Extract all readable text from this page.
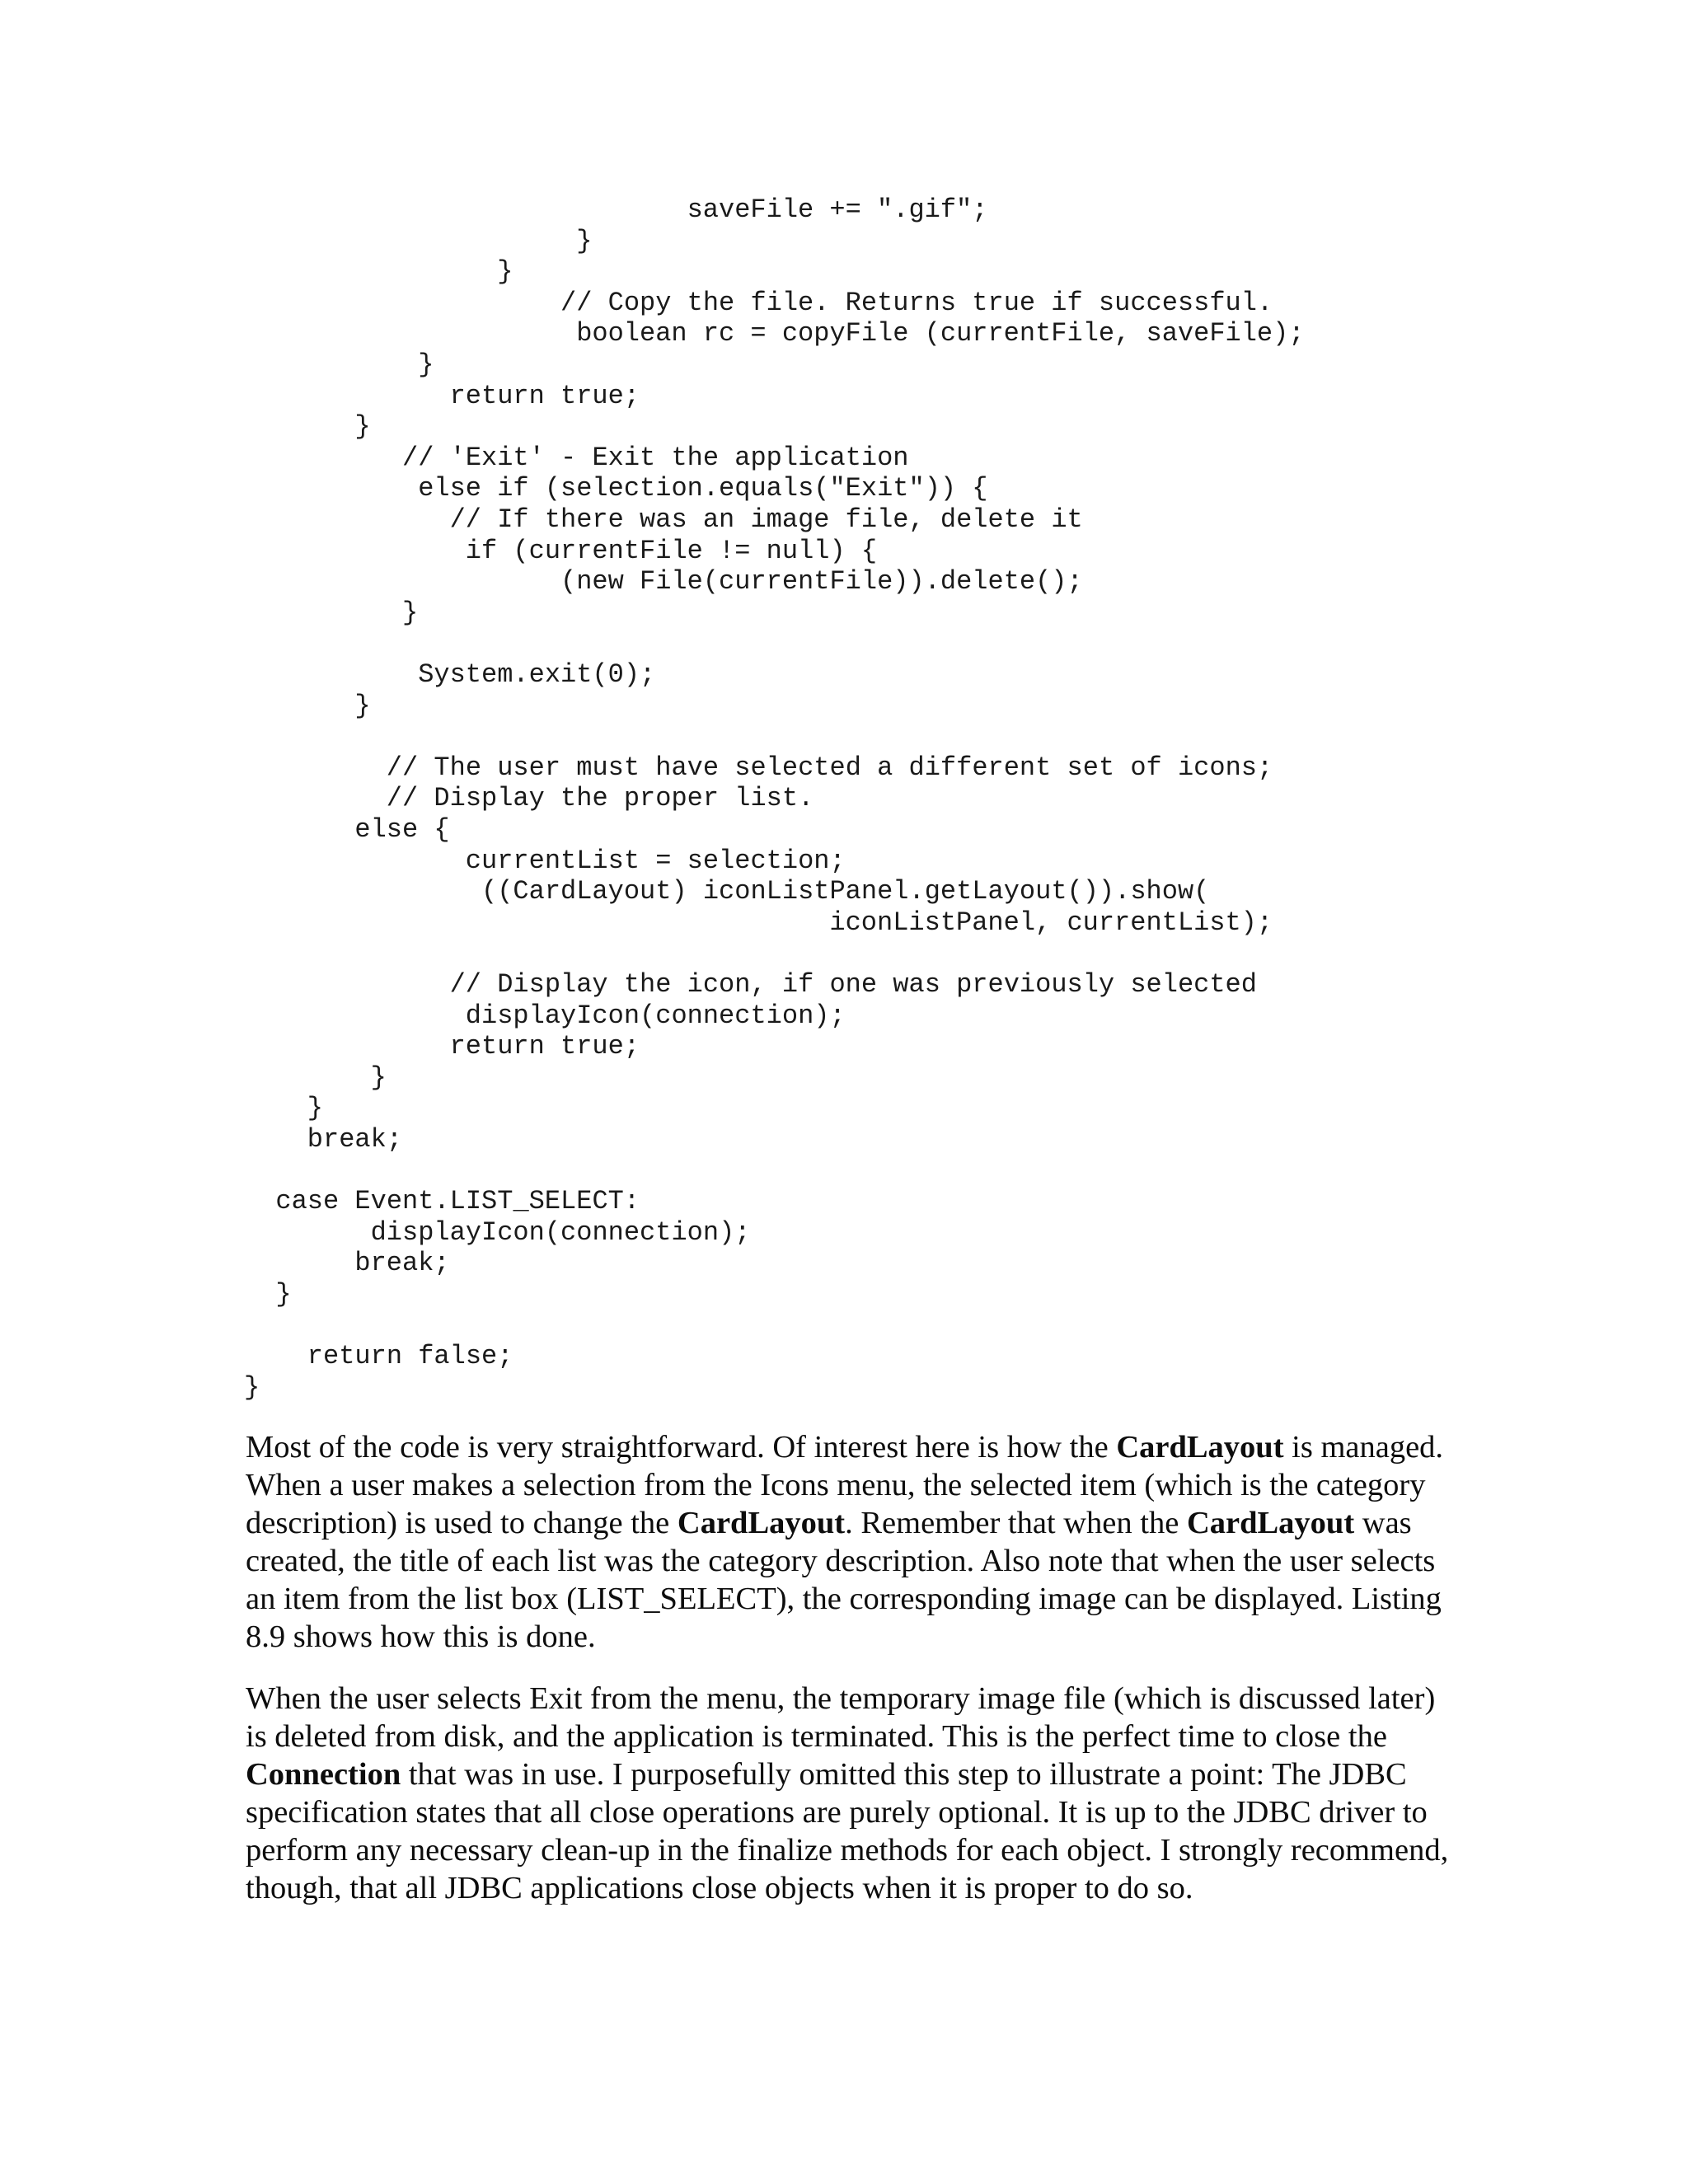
saveFile += ".gif";
}
}
// Copy the file. Returns true if successful.
boolean rc = copyFile (currentFile, saveFile);
}
return true;
}
// 'Exit' - Exit the application
else if (selection.equals("Exit")) {
// If there was an image file, delete it
if (currentFile != null) {
(new File(currentFile)).delete();
}
System.exit(0);
}
// The user must have selected a different set of icons;
// Display the proper list.
else {
currentList = selection;
((CardLayout) iconListPanel.getLayout()).show(
iconListPanel, currentList);
// Display the icon, if one was previously selected
displayIcon(connection);
return true;
}
}
break;
case Event.LIST_SELECT:
displayIcon(connection);
break;
}
return false;
}

Most of the code is very straightforward. Of interest here is how the CardLayout is managed. When a user makes a selection from the Icons menu, the selected item (which is the category description) is used to change the CardLayout. Remember that when the CardLayout was created, the title of each list was the category description. Also note that when the user selects an item from the list box (LIST_SELECT), the corresponding image can be displayed. Listing 8.9 shows how this is done.

When the user selects Exit from the menu, the temporary image file (which is discussed later) is deleted from disk, and the application is terminated. This is the perfect time to close the Connection that was in use. I purposefully omitted this step to illustrate a point: The JDBC specification states that all close operations are purely optional. It is up to the JDBC driver to perform any necessary clean-up in the finalize methods for each object. I strongly recommend, though, that all JDBC applications close objects when it is proper to do so.
